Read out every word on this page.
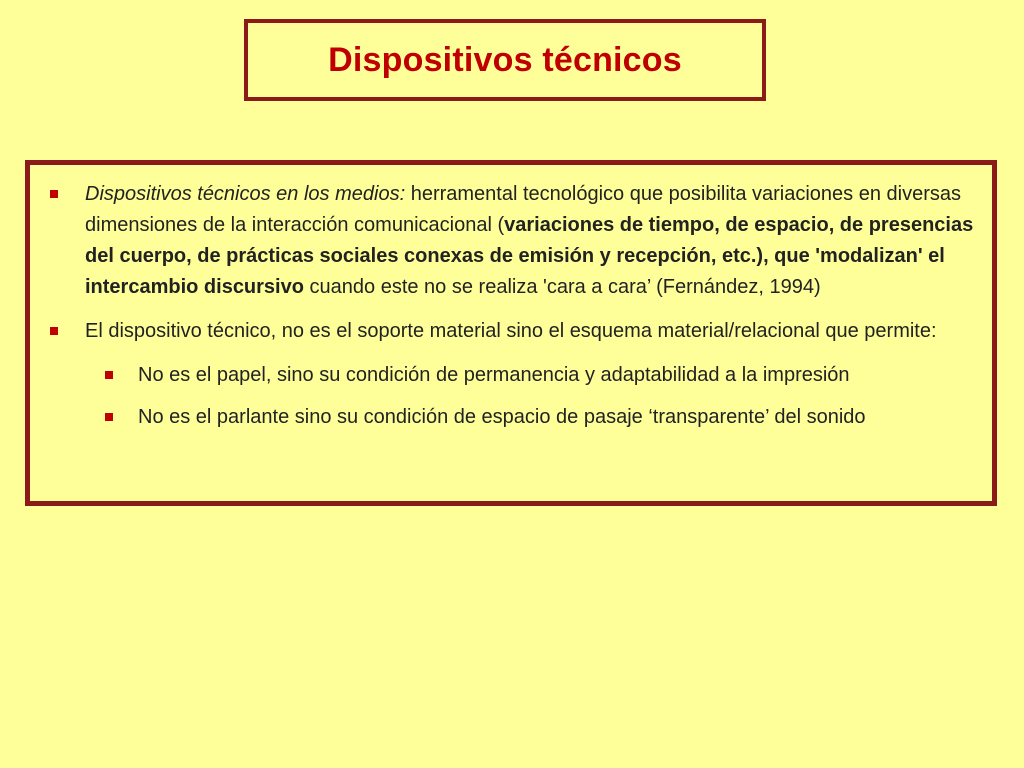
Dispositivos técnicos
Dispositivos técnicos en los medios: herramental tecnológico que posibilita variaciones en diversas dimensiones de la interacción comunicacional (variaciones de tiempo, de espacio, de presencias del cuerpo, de prácticas sociales conexas de emisión y recepción, etc.), que 'modalizan' el intercambio discursivo cuando este no se realiza 'cara a cara’ (Fernández, 1994)
El dispositivo técnico, no es el soporte material sino el esquema material/relacional que permite:
No es el papel, sino su condición de permanencia y adaptabilidad a la impresión
No es el parlante sino su condición de espacio de pasaje ‘transparente’ del sonido
